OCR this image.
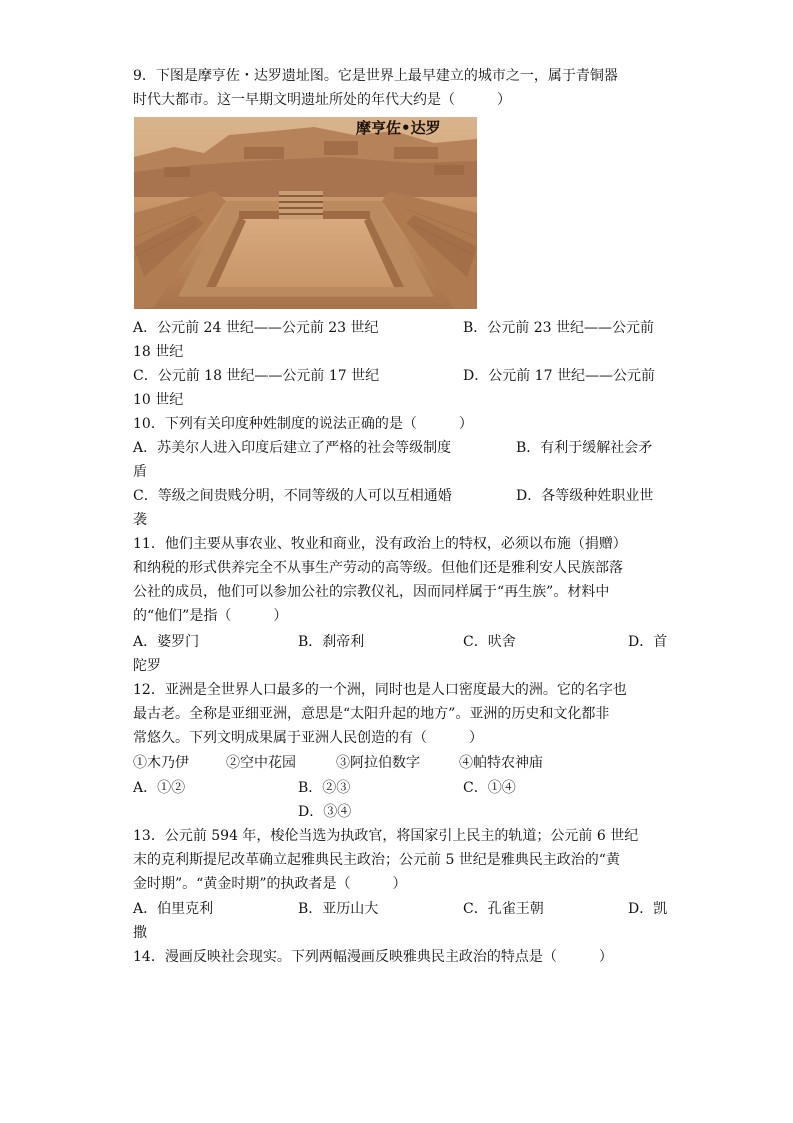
9．下图是摩亨佐・达罗遗址图。它是世界上最早建立的城市之一，属于青铜器
时代大都市。这一早期文明遗址所处的年代大约是（　　　）
摩亨佐•达罗
A．公元前 24 世纪——公元前 23 世纪	B．公元前 23 世纪——公元前
18 世纪
C．公元前 18 世纪——公元前 17 世纪	D．公元前 17 世纪——公元前
10 世纪
10．下列有关印度种姓制度的说法正确的是（　　　）
A．苏美尔人进入印度后建立了严格的社会等级制度	B．有利于缓解社会矛
盾
C．等级之间贵贱分明，不同等级的人可以互相通婚	D．各等级种姓职业世
袭
11．他们主要从事农业、牧业和商业，没有政治上的特权，必须以布施（捐赠）
和纳税的形式供养完全不从事生产劳动的高等级。但他们还是雅利安人民族部落
公社的成员，他们可以参加公社的宗教仪礼，因而同样属于“再生族”。材料中
的“他们”是指（　　　）
A．婆罗门	B．刹帝利	C．吠舍	D．首
陀罗
12．亚洲是全世界人口最多的一个洲，同时也是人口密度最大的洲。它的名字也
最古老。全称是亚细亚洲，意思是“太阳升起的地方”。亚洲的历史和文化都非
常悠久。下列文明成果属于亚洲人民创造的有（　　　）
①木乃伊	②空中花园	③阿拉伯数字	④帕特农神庙
A．①②	B．②③	C．①④
D．③④
13．公元前 594 年，梭伦当选为执政官，将国家引上民主的轨道；公元前 6 世纪
末的克利斯提尼改革确立起雅典民主政治；公元前 5 世纪是雅典民主政治的“黄
金时期”。“黄金时期”的执政者是（　　　）
A．伯里克利	B．亚历山大	C．孔雀王朝	D．凯
撒
14．漫画反映社会现实。下列两幅漫画反映雅典民主政治的特点是（　　　）
